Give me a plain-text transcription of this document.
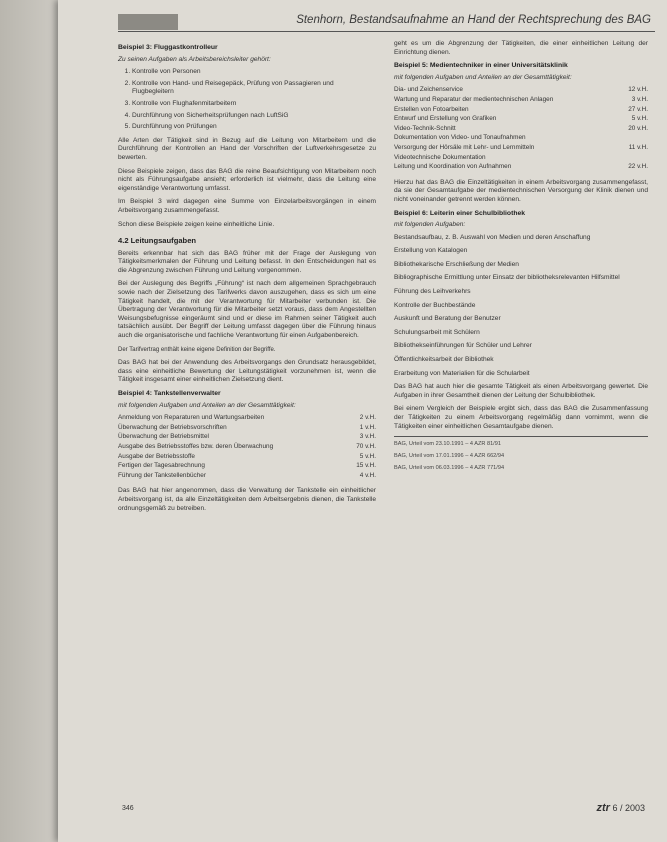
Stenhorn, Bestandsaufnahme an Hand der Rechtsprechung des BAG
Beispiel 3: Fluggastkontrolleur
Zu seinen Aufgaben als Arbeitsbereichsleiter gehört:
1. Kontrolle von Personen
2. Kontrolle von Hand- und Reisegepäck, Prüfung von Passagieren und Flugbegleitern
3. Kontrolle von Flughafenmitarbeitern
4. Durchführung von Sicherheitsprüfungen nach LuftSiG
5. Durchführung von Prüfungen

Alle Arten der Tätigkeit sind in Bezug auf die Leitung von Mitarbeitern und die Durchführung der Kontrollen an Hand der Vorschriften der Luftverkehrsgesetze zu bewerten.

Diese Beispiele zeigen, dass das BAG die reine Beaufsichtigung von Mitarbeitern noch nicht als Führungsaufgabe ansieht; erforderlich ist vielmehr, dass die Leitung eine eigenständige Verantwortung umfasst.

Im Beispiel 3 wird dagegen eine Summe von Einzelarbeitsvorgängen in einem Arbeitsvorgang zusammengefasst.

Schon diese Beispiele zeigen keine einheitliche Linie.

4.2 Leitungsaufgaben

Bereits erkennbar hat sich das BAG früher mit der Frage der Auslegung von Tätigkeitsmerkmalen der Führung und Leitung befasst. In den Entscheidungen hat es die Abgrenzung zwischen Führung und Leitung vorgenommen.

Bei der Auslegung des Begriffs „Führung“ ist nach dem allgemeinen Sprachgebrauch sowie nach der Zielsetzung des Tarifwerks davon auszugehen, dass es sich um eine Tätigkeit handelt, die mit der Verantwortung für Mitarbeiter verbunden ist. Die Übertragung der Verantwortung für die Mitarbeiter setzt voraus, dass dem Angestellten Weisungsbefugnisse eingeräumt sind und er diese im Rahmen seiner Tätigkeit auch tatsächlich ausübt. Der Begriff der Leitung umfasst dagegen über die Führung hinaus auch die organisatorische und fachliche Verantwortung für einen Aufgabenbereich.

Der Tarifvertrag enthält keine eigene Definition der Begriffe.

Das BAG hat bei der Anwendung des Arbeitsvorgangs den Grundsatz herausgebildet, dass eine einheitliche Bewertung der Leitungstätigkeit vorzunehmen ist, wenn die Tätigkeit insgesamt einer einheitlichen Zielsetzung dient.

Beispiel 4: Tankstellenverwalter
mit folgenden Aufgaben und Anteilen an der Gesamttätigkeit:
Anmeldung von Reparaturen und Wartungsarbeiten	2 v.H.
Überwachung der Betriebsvorschriften	1 v.H.
Überwachung der Betriebsmittel	3 v.H.
Ausgabe des Betriebsstoffes bzw. deren Überwachung	70 v.H.
Ausgabe der Betriebsstoffe	5 v.H.
Fertigen der Tagesabrechnung	15 v.H.
Führung der Tankstellenbücher	4 v.H.

Das BAG hat hier angenommen, dass die Verwaltung der Tankstelle ein einheitlicher Arbeitsvorgang ist, da alle Einzeltätigkeiten dem Arbeitsergebnis dienen, die Tankstelle ordnungsgemäß zu betreiben.

geht es um die Abgrenzung der Tätigkeiten, die einer einheitlichen Leitung der Einrichtung dienen.

Beispiel 5: Medientechniker in einer Universitätsklinik
mit folgenden Aufgaben und Anteilen an der Gesamttätigkeit:
Dia- und Zeichenservice	12 v.H.
Wartung und Reparatur der medientechnischen Anlagen	3 v.H.
Erstellen von Fotoarbeiten	27 v.H.
Entwurf und Erstellung von Grafiken	5 v.H.
Video-Technik-Schnitt	20 v.H.
Dokumentation von Video- und Tonaufnahmen	
Versorgung der Hörsäle mit Lehr- und Lernmitteln	11 v.H.
Videotechnische Dokumentation	
Leitung und Koordination von Aufnahmen	22 v.H.

Hierzu hat das BAG die Einzeltätigkeiten in einem Arbeitsvorgang zusammengefasst, da sie der Gesamtaufgabe der medientechnischen Versorgung der Klinik dienen und nicht voneinander getrennt werden können.

Beispiel 6: Leiterin einer Schulbibliothek
mit folgenden Aufgaben:

Bestandsaufbau, z. B. Auswahl von Medien und deren Anschaffung

Erstellung von Katalogen

Bibliothekarische Erschließung der Medien

Bibliographische Ermittlung unter Einsatz der bibliotheksrelevanten Hilfsmittel

Führung des Leihverkehrs

Kontrolle der Buchbestände

Auskunft und Beratung der Benutzer

Schulungsarbeit mit Schülern

Bibliothekseinführungen für Schüler und Lehrer

Öffentlichkeitsarbeit der Bibliothek

Erarbeitung von Materialien für die Schularbeit

Das BAG hat auch hier die gesamte Tätigkeit als einen Arbeitsvorgang gewertet. Die Aufgaben in ihrer Gesamtheit dienen der Leitung der Schulbibliothek.

Bei einem Vergleich der Beispiele ergibt sich, dass das BAG die Zusammenfassung der Tätigkeiten zu einem Arbeitsvorgang regelmäßig dann vornimmt, wenn die Tätigkeiten einer einheitlichen Gesamtaufgabe dienen.

BAG, Urteil vom 23.10.1991 – 4 AZR 81/91

BAG, Urteil vom 17.01.1996 – 4 AZR 662/94

BAG, Urteil vom 06.03.1996 – 4 AZR 771/94

346	ztr 6 / 2003
